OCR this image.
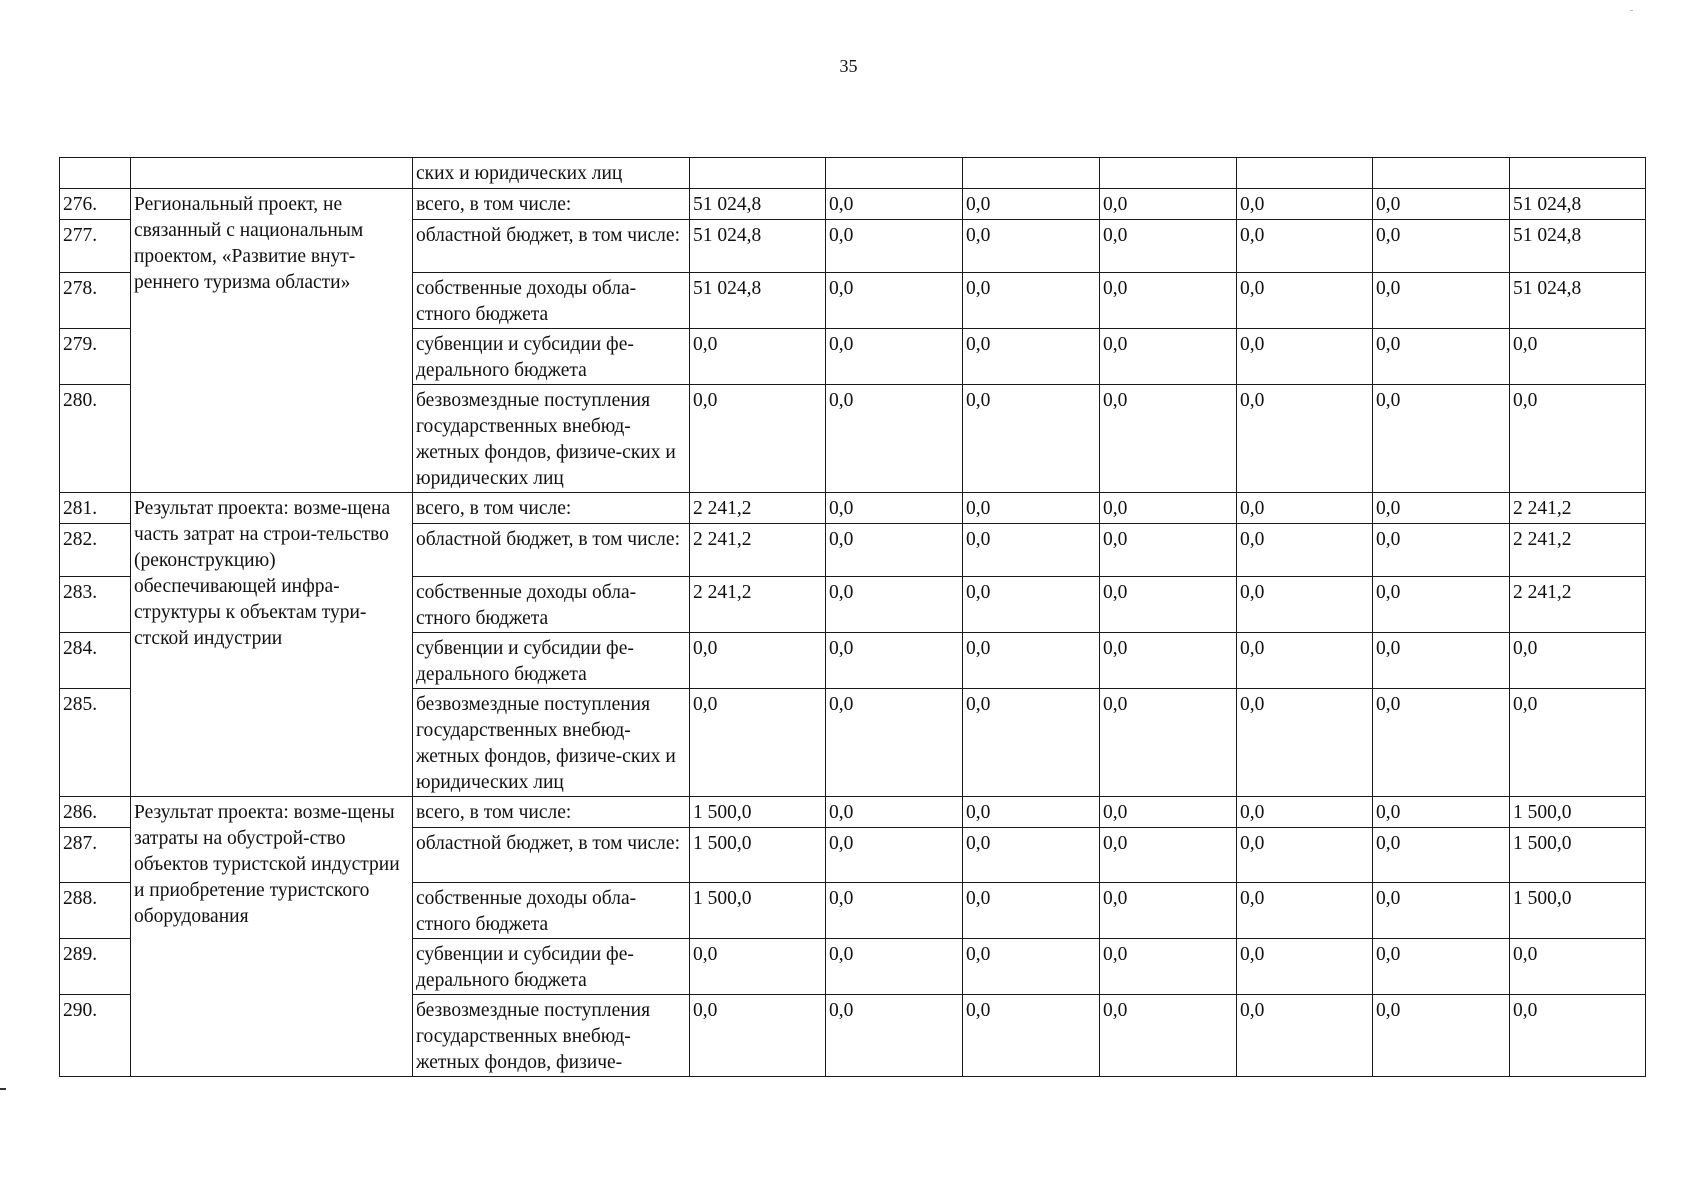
35
		ских и юридических лиц							
276.	Региональный проект, не связанный с национальным проектом, «Развитие внут-реннего туризма области»	всего, в том числе:	51 024,8	0,0	0,0	0,0	0,0	0,0	51 024,8
277.		областной бюджет, в том числе:	51 024,8	0,0	0,0	0,0	0,0	0,0	51 024,8
278.		собственные доходы обла-стного бюджета	51 024,8	0,0	0,0	0,0	0,0	0,0	51 024,8
279.		субвенции и субсидии фе-дерального бюджета	0,0	0,0	0,0	0,0	0,0	0,0	0,0
280.		безвозмездные поступления государственных внебюд-жетных фондов, физиче-ских и юридических лиц	0,0	0,0	0,0	0,0	0,0	0,0	0,0
281.	Результат проекта: возме-щена часть затрат на строи-тельство (реконструкцию) обеспечивающей инфра-структуры к объектам тури-стской индустрии	всего, в том числе:	2 241,2	0,0	0,0	0,0	0,0	0,0	2 241,2
282.		областной бюджет, в том числе:	2 241,2	0,0	0,0	0,0	0,0	0,0	2 241,2
283.		собственные доходы обла-стного бюджета	2 241,2	0,0	0,0	0,0	0,0	0,0	2 241,2
284.		субвенции и субсидии фе-дерального бюджета	0,0	0,0	0,0	0,0	0,0	0,0	0,0
285.		безвозмездные поступления государственных внебюд-жетных фондов, физиче-ских и юридических лиц	0,0	0,0	0,0	0,0	0,0	0,0	0,0
286.	Результат проекта: возме-щены затраты на обустрой-ство объектов туристской индустрии и приобретение туристского оборудования	всего, в том числе:	1 500,0	0,0	0,0	0,0	0,0	0,0	1 500,0
287.		областной бюджет, в том числе:	1 500,0	0,0	0,0	0,0	0,0	0,0	1 500,0
288.		собственные доходы обла-стного бюджета	1 500,0	0,0	0,0	0,0	0,0	0,0	1 500,0
289.		субвенции и субсидии фе-дерального бюджета	0,0	0,0	0,0	0,0	0,0	0,0	0,0
290.		безвозмездные поступления государственных внебюд-жетных фондов, физиче-	0,0	0,0	0,0	0,0	0,0	0,0	0,0
